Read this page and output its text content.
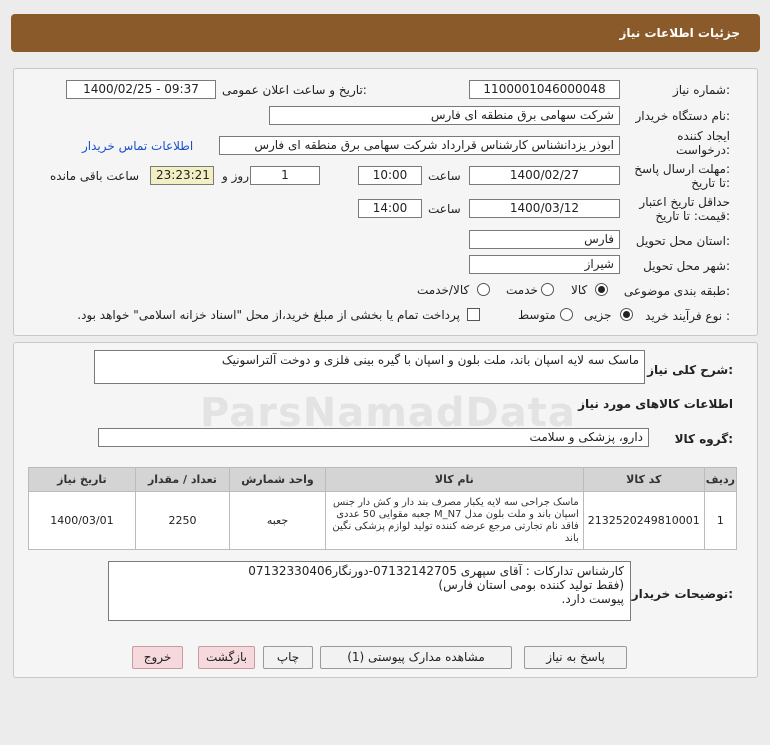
جزئیات اطلاعات نیاز
شماره نیاز:
1100001046000048
تاریخ و ساعت اعلان عمومی:
1400/02/25 - 09:37
نام دستگاه خریدار:
شرکت سهامی برق منطقه ای فارس
ایجاد کننده
درخواست:
ابوذر یزدانشناس کارشناس قرارداد شرکت سهامی برق منطقه ای فارس
اطلاعات تماس خریدار
مهلت ارسال پاسخ:
تا تاریخ:
1400/02/27
ساعت
10:00
1
روز و
23:23:21
ساعت باقی مانده
حداقل تاریخ اعتبار
قیمت: تا تاریخ:
1400/03/12
ساعت
14:00
استان محل تحویل:
فارس
شهر محل تحویل:
شیراز
طبقه بندی موضوعی:
کالا
خدمت
کالا/خدمت
نوع فرآیند خرید :
جزیی
متوسط
پرداخت تمام یا بخشی از مبلغ خرید،از محل "اسناد خزانه اسلامی" خواهد بود.
شرح کلی نیاز:
ماسک سه لایه اسپان باند، ملت بلون و اسپان با گیره بینی فلزی و دوخت آلتراسونیک
اطلاعات کالاهای مورد نیاز
گروه کالا:
دارو، پزشکی و سلامت
ردیف	کد کالا	نام کالا	واحد شمارش	تعداد / مقدار	تاریخ نیاز
1	2132520249810001	ماسک جراحی سه لایه یکبار مصرف بند دار و کش دار جنس اسپان باند و ملت بلون مدل M_N7 جعبه مقوایی 50 عددی فاقد نام تجارتی مرجع عرضه کننده تولید لوازم پزشکی نگین باند	جعبه	2250	1400/03/01
توضیحات خریدار:
کارشناس تدارکات : آقای سپهری 07132142705-دورنگار07132330406
(فقط تولید کننده بومی استان فارس)
پیوست دارد.
پاسخ به نیاز
مشاهده مدارک پیوستی (1)
چاپ
بازگشت
خروج
